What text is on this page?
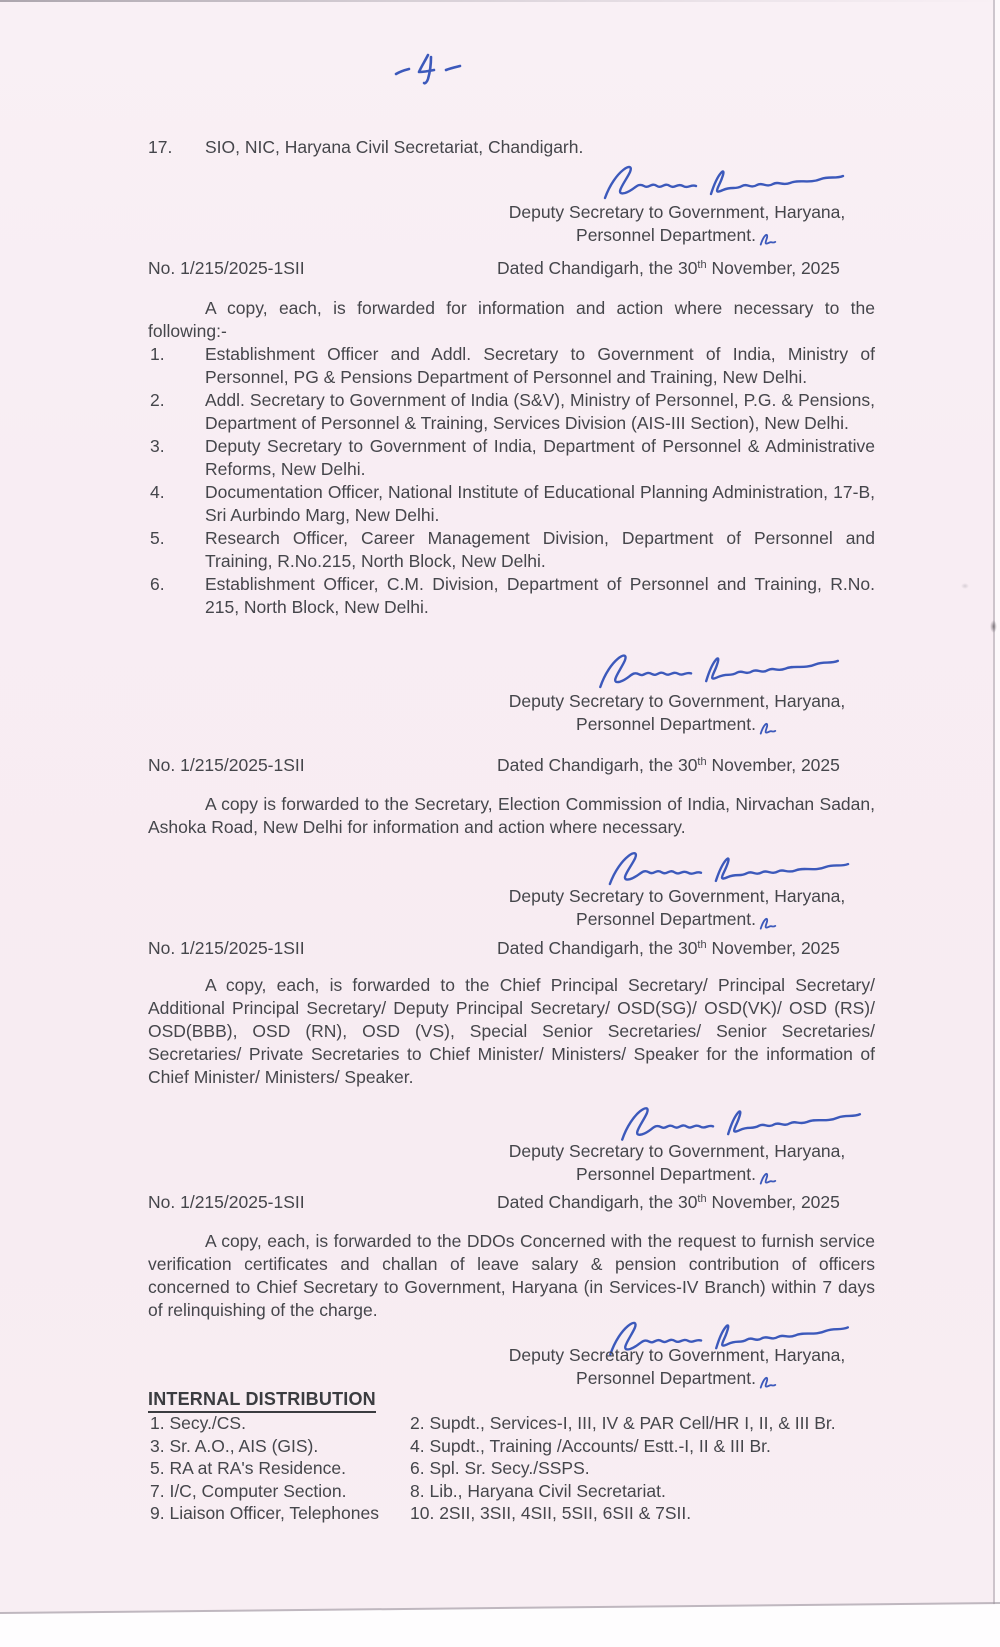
17. SIO, NIC, Haryana Civil Secretariat, Chandigarh.
Deputy Secretary to Government, Haryana,
Personnel Department.
No. 1/215/2025-1SII	Dated Chandigarh, the 30th November, 2025
A copy, each, is forwarded for information and action where necessary to the following:-
1. Establishment Officer and Addl. Secretary to Government of India, Ministry of Personnel, PG & Pensions Department of Personnel and Training, New Delhi.
2. Addl. Secretary to Government of India (S&V), Ministry of Personnel, P.G. & Pensions, Department of Personnel & Training, Services Division (AIS-III Section), New Delhi.
3. Deputy Secretary to Government of India, Department of Personnel & Administrative Reforms, New Delhi.
4. Documentation Officer, National Institute of Educational Planning Administration, 17-B, Sri Aurbindo Marg, New Delhi.
5. Research Officer, Career Management Division, Department of Personnel and Training, R.No.215, North Block, New Delhi.
6. Establishment Officer, C.M. Division, Department of Personnel and Training, R.No. 215, North Block, New Delhi.
Deputy Secretary to Government, Haryana,
Personnel Department.
No. 1/215/2025-1SII	Dated Chandigarh, the 30th November, 2025
A copy is forwarded to the Secretary, Election Commission of India, Nirvachan Sadan, Ashoka Road, New Delhi for information and action where necessary.
Deputy Secretary to Government, Haryana,
Personnel Department.
No. 1/215/2025-1SII	Dated Chandigarh, the 30th November, 2025
A copy, each, is forwarded to the Chief Principal Secretary/ Principal Secretary/ Additional Principal Secretary/ Deputy Principal Secretary/ OSD(SG)/ OSD(VK)/ OSD (RS)/ OSD(BBB), OSD (RN), OSD (VS), Special Senior Secretaries/ Senior Secretaries/ Secretaries/ Private Secretaries to Chief Minister/ Ministers/ Speaker for the information of Chief Minister/ Ministers/ Speaker.
Deputy Secretary to Government, Haryana,
Personnel Department.
No. 1/215/2025-1SII	Dated Chandigarh, the 30th November, 2025
A copy, each, is forwarded to the DDOs Concerned with the request to furnish service verification certificates and challan of leave salary & pension contribution of officers concerned to Chief Secretary to Government, Haryana (in Services-IV Branch) within 7 days of relinquishing of the charge.
Deputy Secretary to Government, Haryana,
Personnel Department.
INTERNAL DISTRIBUTION
1. Secy./CS.	2. Supdt., Services-I, III, IV & PAR Cell/HR I, II, & III Br.
3. Sr. A.O., AIS (GIS).	4. Supdt., Training /Accounts/ Estt.-I, II & III Br.
5. RA at RA's Residence.	6. Spl. Sr. Secy./SSPS.
7. I/C, Computer Section.	8. Lib., Haryana Civil Secretariat.
9. Liaison Officer, Telephones 10. 2SII, 3SII, 4SII, 5SII, 6SII & 7SII.
